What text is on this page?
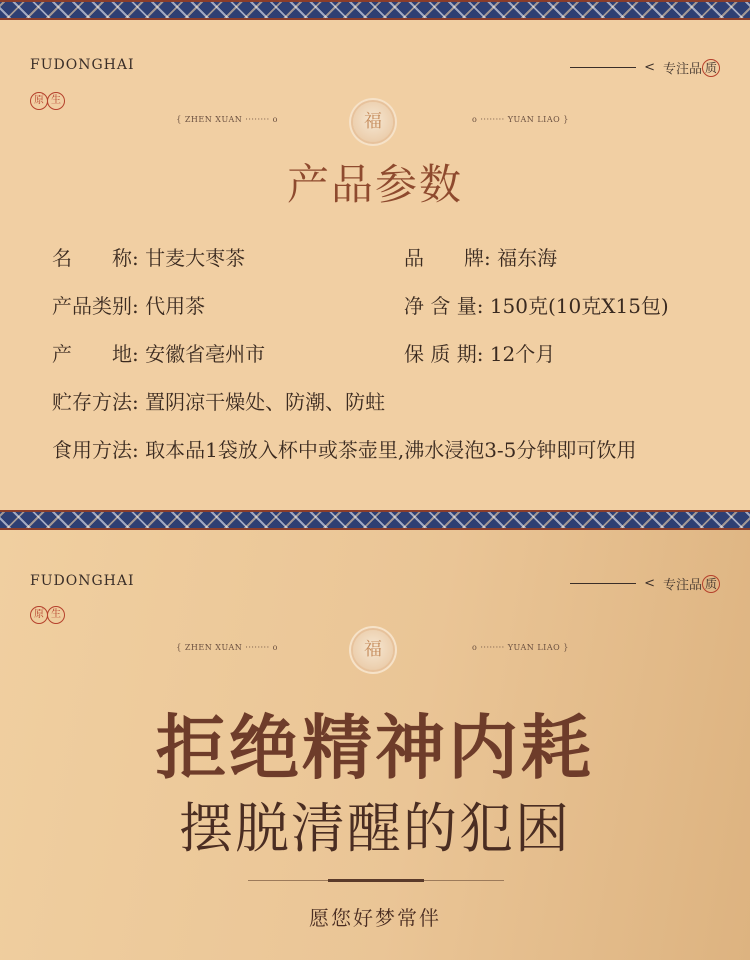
FUDONGHAI
原 生
< 专注品 质
{ ZHEN XUAN ········ o	福	o ········ YUAN LIAO }
产品参数
名　　称: 甘麦大枣茶	品　　牌: 福东海
产品类别: 代用茶	净 含 量: 150克(10克X15包)
产　　地: 安徽省亳州市	保 质 期: 12个月
贮存方法: 置阴凉干燥处、防潮、防蛀
食用方法: 取本品1袋放入杯中或茶壶里,沸水浸泡3-5分钟即可饮用
FUDONGHAI
原 生
< 专注品 质
{ ZHEN XUAN ········ o	福	o ········ YUAN LIAO }
拒绝精神内耗
摆脱清醒的犯困
愿您好梦常伴
